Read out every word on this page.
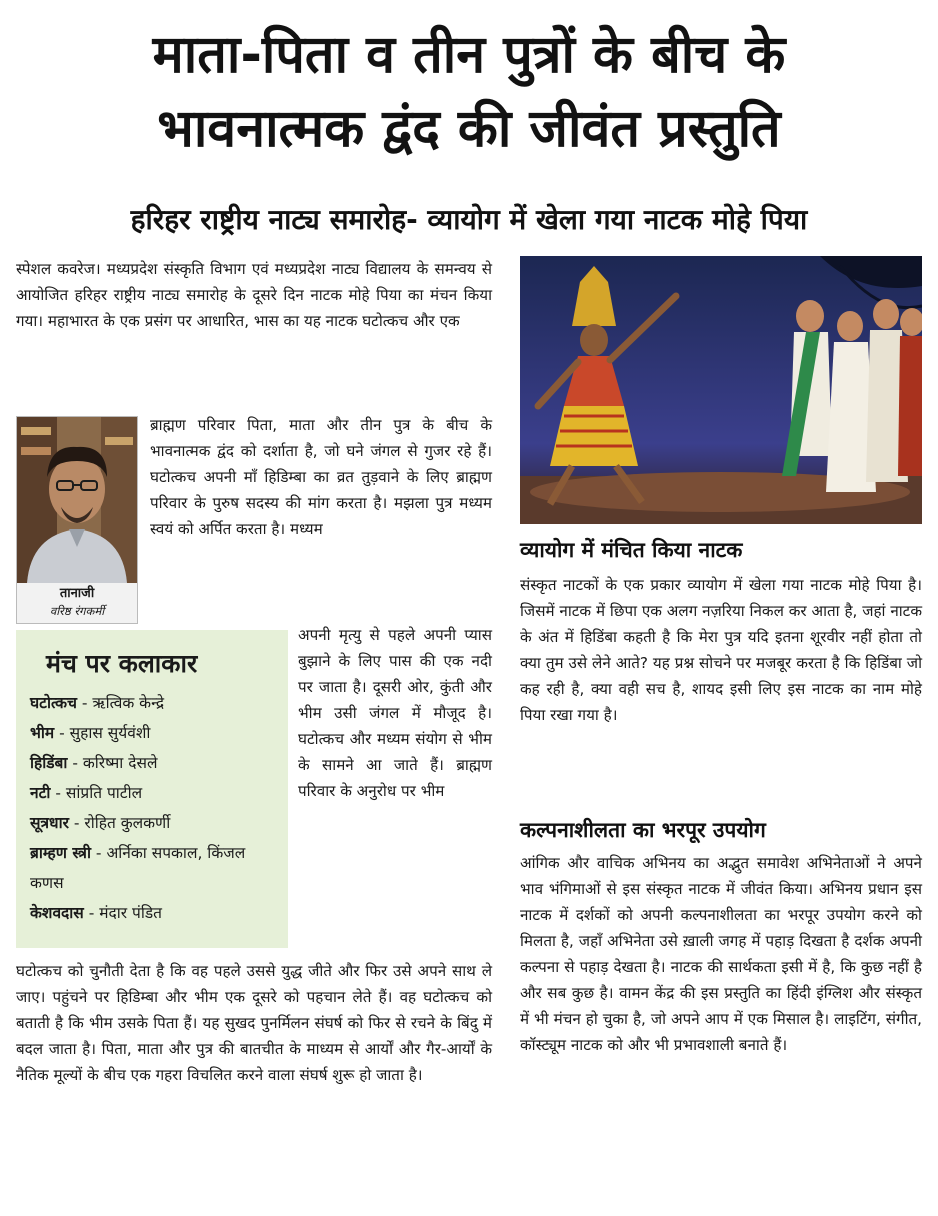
माता-पिता व तीन पुत्रों के बीच के
भावनात्मक द्वंद की जीवंत प्रस्तुति
हरिहर राष्ट्रीय नाट्य समारोह- व्यायोग में खेला गया नाटक मोहे पिया

स्पेशल कवरेज। मध्यप्रदेश संस्कृति विभाग एवं मध्यप्रदेश नाट्य विद्यालय के समन्वय से आयोजित हरिहर राष्ट्रीय नाट्य समारोह के दूसरे दिन नाटक मोहे पिया का मंचन किया गया। महाभारत के एक प्रसंग पर आधारित, भास का यह नाटक घटोत्कच और एक

तानाजी
वरिष्ठ रंगकर्मी

ब्राह्मण परिवार पिता, माता और तीन पुत्र के बीच के भावनात्मक द्वंद को दर्शाता है, जो घने जंगल से गुजर रहे हैं। घटोत्कच अपनी माँ हिडिम्बा का व्रत तुड़वाने के लिए ब्राह्मण परिवार के पुरुष सदस्य की मांग करता है। मझला पुत्र मध्यम स्वयं को अर्पित करता है। मध्यम

मंच पर कलाकार
घटोत्कच - ऋत्विक केन्द्रे
भीम - सुहास सुर्यवंशी
हिडिंबा - करिष्मा देसले
नटी - सांप्रति पाटील
सूत्रधार - रोहित कुलकर्णी
ब्राम्हण स्त्री - अर्निका सपकाल, किंजल कणस
केशवदास - मंदार पंडित

अपनी मृत्यु से पहले अपनी प्यास बुझाने के लिए पास की एक नदी पर जाता है। दूसरी ओर, कुंती और भीम उसी जंगल में मौजूद है। घटोत्कच और मध्यम संयोग से भीम के सामने आ जाते हैं। ब्राह्मण परिवार के अनुरोध पर भीम

घटोत्कच को चुनौती देता है कि वह पहले उससे युद्ध जीते और फिर उसे अपने साथ ले जाए। पहुंचने पर हिडिम्बा और भीम एक दूसरे को पहचान लेते हैं। वह घटोत्कच को बताती है कि भीम उसके पिता हैं। यह सुखद पुनर्मिलन संघर्ष को फिर से रचने के बिंदु में बदल जाता है। पिता, माता और पुत्र की बातचीत के माध्यम से आर्यों और गैर-आर्यों के नैतिक मूल्यों के बीच एक गहरा विचलित करने वाला संघर्ष शुरू हो जाता है।

व्यायोग में मंचित किया नाटक

संस्कृत नाटकों के एक प्रकार व्यायोग में खेला गया नाटक मोहे पिया है। जिसमें नाटक में छिपा एक अलग नज़रिया निकल कर आता है, जहां नाटक के अंत में हिडिंबा कहती है कि मेरा पुत्र यदि इतना शूरवीर नहीं होता तो क्या तुम उसे लेने आते? यह प्रश्न सोचने पर मजबूर करता है कि हिडिंबा जो कह रही है, क्या वही सच है, शायद इसी लिए इस नाटक का नाम मोहे पिया रखा गया है।

कल्पनाशीलता का भरपूर उपयोग

आंगिक और वाचिक अभिनय का अद्भुत समावेश अभिनेताओं ने अपने भाव भंगिमाओं से इस संस्कृत नाटक में जीवंत किया। अभिनय प्रधान इस नाटक में दर्शकों को अपनी कल्पनाशीलता का भरपूर उपयोग करने को मिलता है, जहाँ अभिनेता उसे ख़ाली जगह में पहाड़ दिखता है दर्शक अपनी कल्पना से पहाड़ देखता है। नाटक की सार्थकता इसी में है, कि कुछ नहीं है और सब कुछ है। वामन केंद्र की इस प्रस्तुति का हिंदी इंग्लिश और संस्कृत में भी मंचन हो चुका है, जो अपने आप में एक मिसाल है। लाइटिंग, संगीत, कॉस्ट्यूम नाटक को और भी प्रभावशाली बनाते हैं।
